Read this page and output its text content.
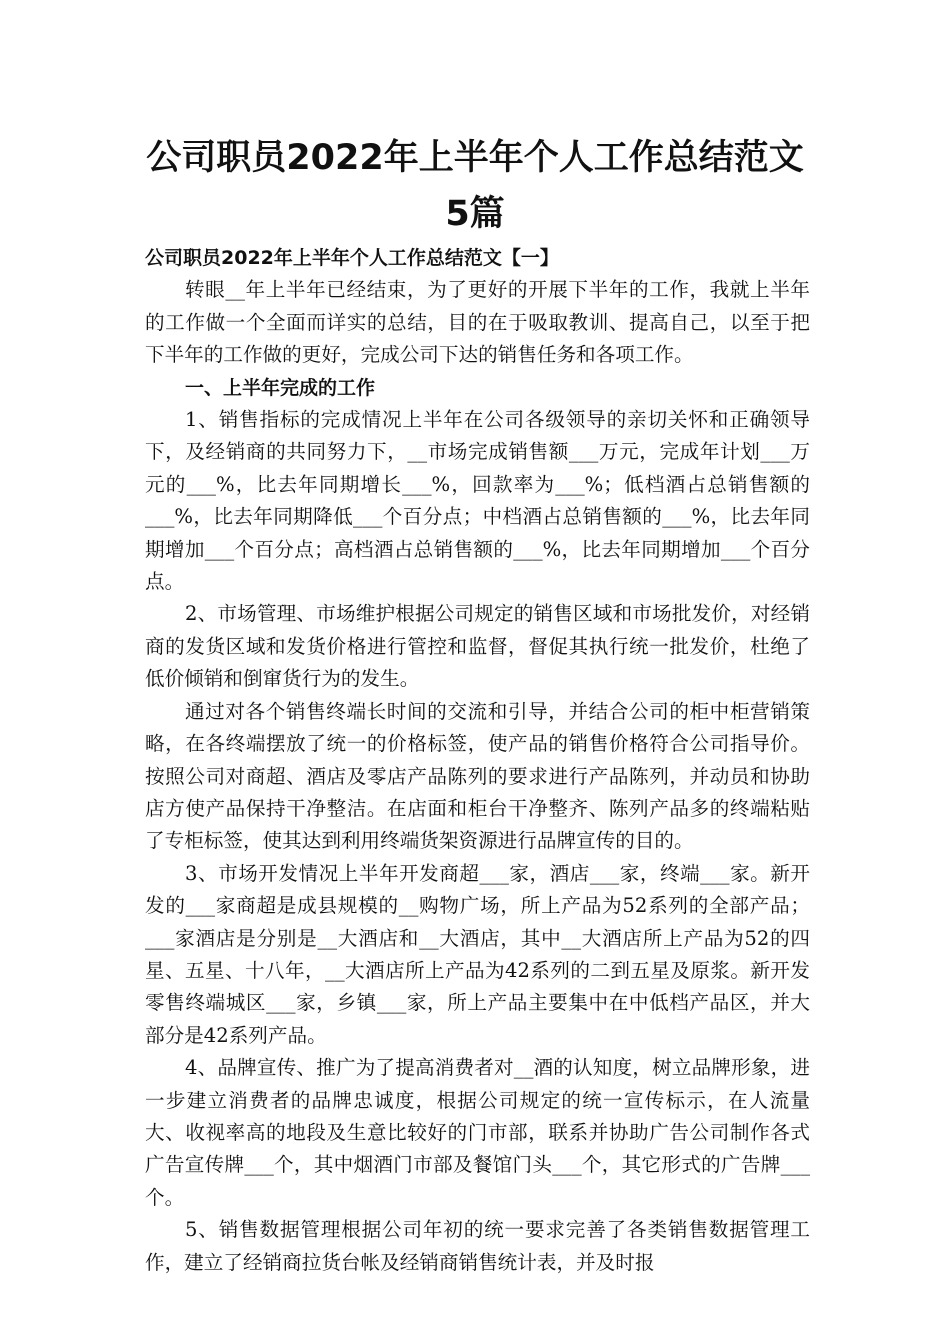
公司职员2022年上半年个人工作总结范文
5篇

公司职员2022年上半年个人工作总结范文【一】

转眼__年上半年已经结束，为了更好的开展下半年的工作，我就上半年的工作做一个全面而详实的总结，目的在于吸取教训、提高自己，以至于把下半年的工作做的更好，完成公司下达的销售任务和各项工作。

一、上半年完成的工作

1、销售指标的完成情况上半年在公司各级领导的亲切关怀和正确领导下，及经销商的共同努力下，__市场完成销售额___万元，完成年计划___万元的___%，比去年同期增长___%，回款率为___%；低档酒占总销售额的___%，比去年同期降低___个百分点；中档酒占总销售额的___%，比去年同期增加___个百分点；高档酒占总销售额的___%，比去年同期增加___个百分点。

2、市场管理、市场维护根据公司规定的销售区域和市场批发价，对经销商的发货区域和发货价格进行管控和监督，督促其执行统一批发价，杜绝了低价倾销和倒窜货行为的发生。

通过对各个销售终端长时间的交流和引导，并结合公司的柜中柜营销策略，在各终端摆放了统一的价格标签，使产品的销售价格符合公司指导价。按照公司对商超、酒店及零店产品陈列的要求进行产品陈列，并动员和协助店方使产品保持干净整洁。在店面和柜台干净整齐、陈列产品多的终端粘贴了专柜标签，使其达到利用终端货架资源进行品牌宣传的目的。

3、市场开发情况上半年开发商超___家，酒店___家，终端___家。新开发的___家商超是成县规模的__购物广场，所上产品为52系列的全部产品；___家酒店是分别是__大酒店和__大酒店，其中__大酒店所上产品为52的四星、五星、十八年，__大酒店所上产品为42系列的二到五星及原浆。新开发零售终端城区___家，乡镇___家，所上产品主要集中在中低档产品区，并大部分是42系列产品。

4、品牌宣传、推广为了提高消费者对__酒的认知度，树立品牌形象，进一步建立消费者的品牌忠诚度，根据公司规定的统一宣传标示，在人流量大、收视率高的地段及生意比较好的门市部，联系并协助广告公司制作各式广告宣传牌___个，其中烟酒门市部及餐馆门头___个，其它形式的广告牌___个。

5、销售数据管理根据公司年初的统一要求完善了各类销售数据管理工作，建立了经销商拉货台帐及经销商销售统计表，并及时报
